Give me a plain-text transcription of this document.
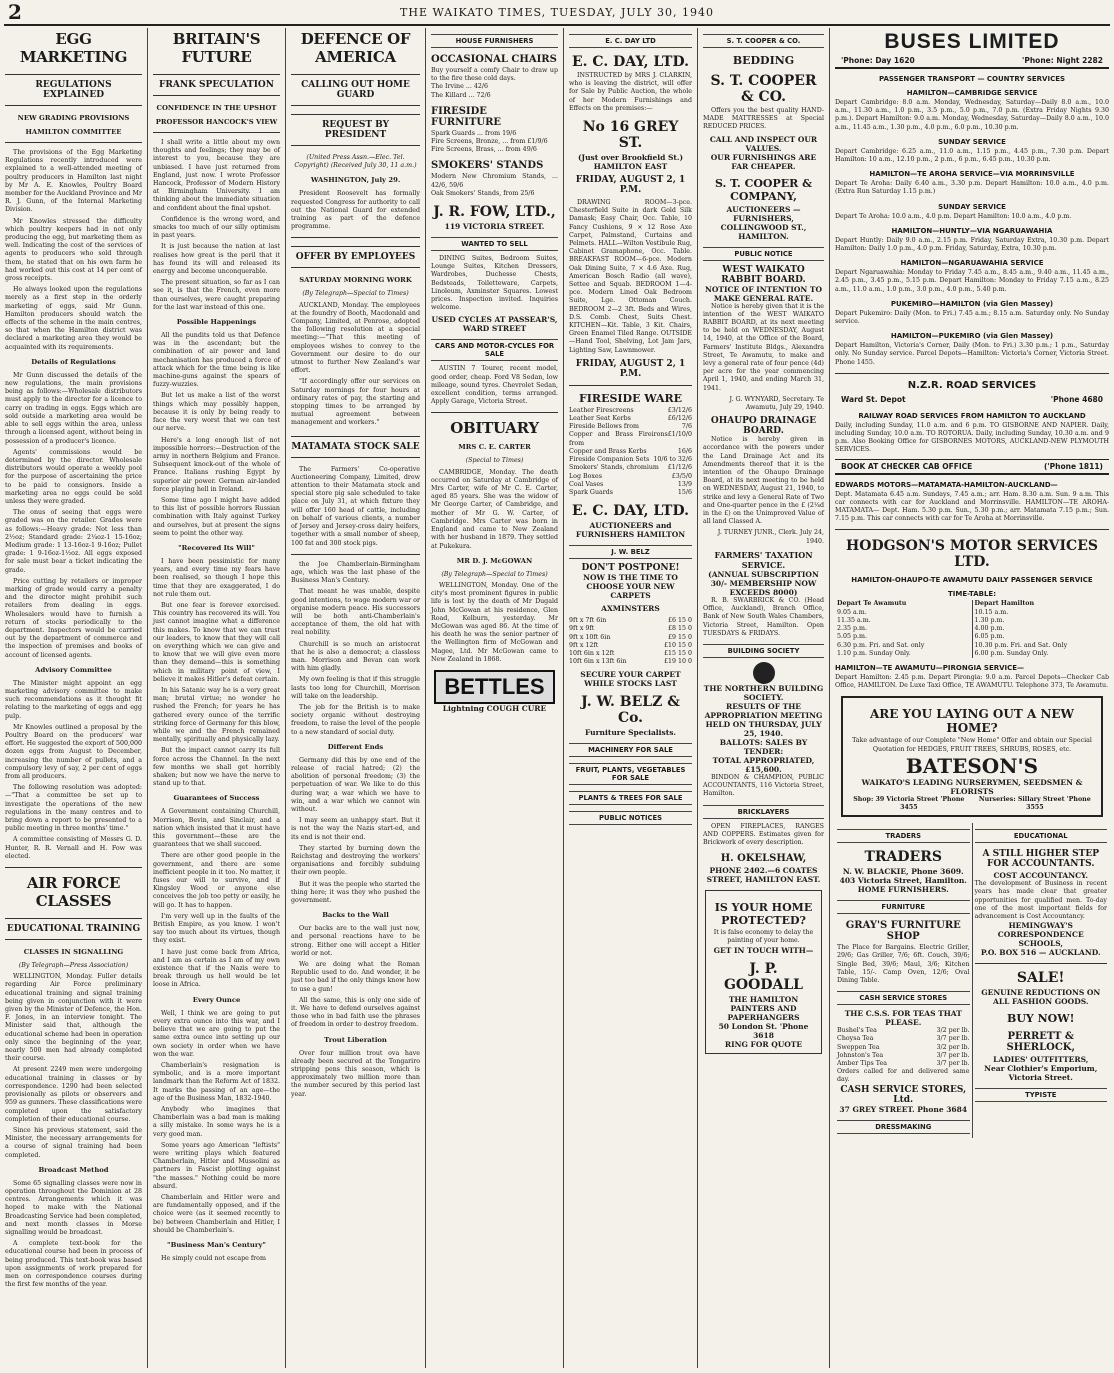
2	THE WAIKATO TIMES, TUESDAY, JULY 30, 1940
EGG MARKETING
REGULATIONS EXPLAINED
NEW GRADING PROVISIONS
HAMILTON COMMITTEE

The provisions of the Egg Marketing Regulations recently introduced were explained to a well-attended meeting of poultry producers in Hamilton last night by Mr A. E. Knowles, Poultry Board member for the Auckland Province and Mr R. J. Gunn, of the Internal Marketing Division.

Mr Knowles stressed the difficulty which poultry keepers had in not only producing the egg, but marketing them as well. Indicating the cost of the services of agents to producers who sold through them, he stated that on his own farm he had worked out this cost at 14 per cent of gross receipts.

He always looked upon the regulations merely as a first step in the orderly marketing of eggs, said Mr Gunn. Hamilton producers should watch the effects of the scheme in the main centres, so that when the Hamilton district was declared a marketing area they would be acquainted with its requirements.

Details of Regulations

Mr Gunn discussed the details of the new regulations, the main provisions being as follows:—Wholesale distributors must apply to the director for a licence to carry on trading in eggs. Eggs which are sold outside a marketing area would be able to sell eggs within the area, unless through a licensed agent, without being in possession of a producer's licence.

Agents' commissions would be determined by the director. Wholesale distributors would operate a weekly pool for the purpose of ascertaining the price to be paid to consignors. Inside a marketing area no eggs could be sold unless they were graded.

The onus of seeing that eggs were graded was on the retailer. Grades were as follows:—Heavy grade: Not less than 2½oz; Standard grade: 2¼oz-1 15-16oz; Medium grade: 1 13-16oz-1 9-16oz; Pullet grade: 1 9-16oz-1½oz. All eggs exposed for sale must bear a ticket indicating the grade.

Price cutting by retailers or improper marking of grade would carry a penalty and the director might prohibit such retailers from dealing in eggs. Wholesalers would have to furnish a return of stocks periodically to the department. Inspectors would be carried out by the department of commerce and the inspection of premises and books of account of licensed agents.

Advisory Committee

The Minister might appoint an egg marketing advisory committee to make such recommendations as it thought fit relating to the marketing of eggs and egg pulp.

Mr Knowles outlined a proposal by the Poultry Board on the producers' war effort. He suggested the export of 500,000 dozen eggs from August to December, increasing the number of pullets, and a compulsory levy of say, 2 per cent of eggs from all producers.

The following resolution was adopted:—"That a committee be set up to investigate the operations of the new regulations in the many centres and to bring down a report to be presented to a public meeting in three months' time."

A committee consisting of Messrs G. D. Hunter, R. R. Vernall and H. Fow was elected.

AIR FORCE CLASSES
EDUCATIONAL TRAINING
CLASSES IN SIGNALLING
(By Telegraph—Press Association)

WELLINGTON, Monday. Fuller details regarding Air Force preliminary educational training and signal training being given in conjunction with it were given by the Minister of Defence, the Hon. F. Jones, in an interview tonight. The Minister said that, although the educational scheme had been in operation only since the beginning of the year, nearly 500 men had already completed their course.

At present 2249 men were undergoing educational training in classes or by correspondence. 1290 had been selected provisionally as pilots or observers and 959 as gunners. These classifications were completed upon the satisfactory completion of their educational course.

Since his previous statement, said the Minister, the necessary arrangements for a course of signal training had been completed.

Broadcast Method

Some 65 signalling classes were now in operation throughout the Dominion at 28 centres. Arrangements which it was hoped to make with the National Broadcasting Service had been completed, and next month classes in Morse signalling would be broadcast.

A complete text-book for the educational course had been in process of being produced. This text-book was based upon assignments of work prepared for men on correspondence courses during the first few months of the year.

BRITAIN'S FUTURE
FRANK SPECULATION
CONFIDENCE IN THE UPSHOT
PROFESSOR HANCOCK'S VIEW

I shall write a little about my own thoughts and feelings; they may be of interest to you, because they are unbiased. I have just returned from England, just now. I wrote Professor Hancock, Professor of Modern History at Birmingham University. I am thinking about the immediate situation and confident about the final upshot.

Confidence is the wrong word, and smacks too much of our silly optimism in past years.

It is just because the nation at last realises how great is the peril that it has found its will and released its energy and become unconquerable.

The present situation, so far as I can see it, is that the French, even more than ourselves, were caught preparing for the last war instead of this one.

Possible Happenings

All the pundits told us that Defence was in the ascendant; but the combination of air power and land mechanisation has produced a force of attack which for the time being is like machine-guns against the spears of fuzzy-wuzzies.

But let us make a list of the worst things which may possibly happen, because it is only by being ready to face the very worst that we can test our nerve.

Here's a long enough list of not impossible horrors:—Destruction of the army in northern Belgium and France. Subsequent knock-out of the whole of France. Italians rushing Egypt by superior air power. German air-landed force playing hell in Ireland.

Some time ago I might have added to this list of possible horrors Russian combination with Italy against Turkey and ourselves, but at present the signs seem to point the other way.

"Recovered Its Will"

I have been pessimistic for many years, and every time my fears have been realised, so though I hope this time that they are exaggerated, I do not rule them out.

But one fear is forever exorcised. This country has recovered its will. You just cannot imagine what a difference this makes. To know that we can trust our leaders, to know that they will call on everything which we can give and to know that we will give even more than they demand—this is something which in military point of view, I believe it makes Hitler's defeat certain.

In his Satanic way he is a very great man; brutal virtue; no wonder he rushed the French; for years he has gathered every ounce of the terrific striking force of Germany for this blow, while we and the French remained mentally, spiritually and physically lazy.

But the impact cannot carry its full force across the Channel. In the next few months we shall get horribly shaken; but now we have the nerve to stand up to that.

Guarantees of Success

A Government containing Churchill, Morrison, Bevin, and Sinclair, and a nation which insisted that it must have this government—these are the guarantees that we shall succeed.

There are other good people in the government, and there are some inefficient people in it too. No matter, it fuses our will to survive, and if Kingsley Wood or anyone else conceives the job too petty or easily, he will go. It has to happen.

I'm very well up in the faults of the British Empire, as you know. I won't say too much about its virtues, though they exist.

I have just come back from Africa, and I am as certain as I am of my own existence that if the Nazis were to break through us hell would be let loose in Africa.

Every Ounce

Well, I think we are going to put every extra ounce into this war, and I believe that we are going to put the same extra ounce into setting up our own society in order when we have won the war.

Chamberlain's resignation is symbolic, and is a more important landmark than the Reform Act of 1832. It marks the passing of an age—the age of the Business Man, 1832-1940.

Anybody who imagines that Chamberlain was a bad man is making a silly mistake. In some ways he is a very good man.

Some years ago American "leftists" were writing plays which featured Chamberlain, Hitler and Mussolini as partners in Fascist plotting against "the masses." Nothing could be more absurd.

Chamberlain and Hitler were and are fundamentally opposed, and if the choice were (as it seemed recently to be) between Chamberlain and Hitler, I should be Chamberlain's.

"Business Man's Century"

He simply could not escape from

DEFENCE OF AMERICA
CALLING OUT HOME GUARD
REQUEST BY PRESIDENT
(United Press Assn.—Elec. Tel. Copyright) (Received July 30, 11 a.m.)
WASHINGTON, July 29.

President Roosevelt has formally requested Congress for authority to call out the National Guard for extended training as part of the defence programme.

OFFER BY EMPLOYEES
SATURDAY MORNING WORK
(By Telegraph—Special to Times)

AUCKLAND, Monday. The employees at the foundry of Booth, Macdonald and Company, Limited, at Penrose, adopted the following resolution at a special meeting:—"That this meeting of employees wishes to convey to the Government our desire to do our utmost to further New Zealand's war effort.

"If accordingly offer our services on Saturday mornings for four hours at ordinary rates of pay, the starting and stopping times to be arranged by mutual agreement between management and workers."

MATAMATA STOCK SALE

The Farmers' Co-operative Auctioneering Company, Limited, drew attention to their Matamata stock and special store pig sale scheduled to take place on July 31, at which fixture they will offer 160 head of cattle, including on behalf of various clients, a number of Jersey and Jersey-cross dairy heifers, together with a small number of sheep, 100 fat and 300 stock pigs.

the Joe Chamberlain-Birmingham age, which was the last phase of the Business Man's Century.

That meant he was unable, despite good intentions, to wage modern war or organise modern peace. His successors will be both anti-Chamberlain's acceptance of them, the old hat with real nobility.

Churchill is so much an aristocrat that he is also a democrat; a classless man. Morrison and Bevan can work with him gladly.

My own feeling is that if this struggle lasts too long for Churchill, Morrison will take on the leadership.

The job for the British is to make society organic without destroying freedom, to raise the level of the people to a new standard of social duty.

Different Ends

Germany did this by one end of the release of racial hatred; (2) the abolition of personal freedom; (3) the perpetuation of war. We like to do this during war, a war which we have to win, and a war which we cannot win without.

I may seem an unhappy start. But it is not the way the Nazis start-ed, and its end is not their end.

They started by burning down the Reichstag and destroying the workers' organisations and forcibly subduing their own people.

But it was the people who started the thing here; it was they who pushed the government.

Backs to the Wall

Our backs are to the wall just now, and personal reactions have to be strong. Either one will accept a Hitler world or not.

We are doing what the Roman Republic used to do. And wonder, it be just too bad if the only things know how to use a gun!

All the same, this is only one side of it. We have to defend ourselves against those who in bad faith use the phrases of freedom in order to destroy freedom.

Trout Liberation

Over four million trout ova have already been secured at the Tongariro stripping pens this season, which is approximately two million more than the number secured by this period last year.

HOUSE FURNISHERS
OCCASIONAL CHAIRS
Buy yourself a comfy Chair to draw up to the fire these cold days.
The Irvine ... 42/6
The Killard ... 72/6
FIRESIDE FURNITURE
Spark Guards ... from 19/6
Fire Screens, Bronze, ... from £1/9/6
Fire Screens, Brass, ... from 49/6
SMOKERS' STANDS
Modern New Chromium Stands, ... 42/6, 59/6
Oak Smokers' Stands, from 25/6
J. R. FOW, LTD.,
119 VICTORIA STREET.
WANTED TO SELL

DINING Suites, Bedroom Suites, Lounge Suites, Kitchen Dressers, Wardrobes, Duchesse Chests, Bedsteads, Toiletteware, Carpets, Linoleum, Axminster Squares. Lowest prices. Inspection invited. Inquiries welcome.

USED CYCLES AT PASSEAR'S, WARD STREET
CARS AND MOTOR-CYCLES FOR SALE

AUSTIN 7 Tourer, recent model, good order, cheap. Ford V8 Sedan, low mileage, sound tyres. Chevrolet Sedan, excellent condition, terms arranged. Apply Garage, Victoria Street.

OBITUARY
MRS C. E. CARTER
(Special to Times)

CAMBRIDGE, Monday. The death occurred on Saturday at Cambridge of Mrs Carter, wife of Mr C. E. Carter, aged 85 years. She was the widow of Mr George Carter, of Cambridge, and mother of Mr G. W. Carter, of Cambridge. Mrs Carter was born in England and came to New Zealand with her husband in 1879. They settled at Pukekura.

MR D. J. McGOWAN
(By Telegraph—Special to Times)

WELLINGTON, Monday. One of the city's most prominent figures in public life is lost by the death of Mr Dugald John McGowan at his residence, Glen Road, Kelburn, yesterday. Mr McGowan was aged 86. At the time of his death he was the senior partner of the Wellington firm of McGowan and Magee, Ltd. Mr McGowan came to New Zealand in 1868.

BETTLES
Lightning COUGH CURE
E. C. DAY LTD
E. C. DAY, LTD.

INSTRUCTED by MRS J. CLARKIN, who is leaving the district, will offer for Sale by Public Auction, the whole of her Modern Furnishings and Effects on the premises:—

No 16 GREY ST.
(Just over Brookfield St.) HAMILTON EAST
FRIDAY, AUGUST 2, 1 P.M.

DRAWING ROOM—3-pce. Chesterfield Suite in dark Gold Silk Damask; Easy Chair, Occ. Table, 10 Fancy Cushions, 9 × 12 Rose Axe Carpet, Palmstand, Curtains and Pelmets. HALL—Wilton Vestibule Rug, Cabinet Gramaphone, Occ. Table. BREAKFAST ROOM—6-pce. Modern Oak Dining Suite, 7 × 4.6 Axe. Rug, American Bosch Radio (all wave), Settee and Squab. BEDROOM 1—4-pce. Modern Lined Oak Bedroom Suite, Lge. Ottoman Couch. BEDROOM 2—2 3ft. Beds and Wires, D.S. Comb. Chest, Suits Chest. KITCHEN—Kit. Table, 3 Kit. Chairs, Green Enamel Tiled Range. OUTSIDE—Hand Tool, Shelving, Lot Jam Jars, Lighting Saw, Lawnmower.

FRIDAY, AUGUST 2, 1 P.M.
FIRESIDE WARE
Leather Firescreens	£3/12/6
Leather Seat Kerbs	£6/12/6
Fireside Bellows from	7/6
Copper and Brass Fireirons from
£1/10/0
Copper and Brass Kerbs	16/6
Fireside Companion Sets 10/6 to 32/6
Smokers' Stands, chromium £1/12/6
Log Boxes	£3/5/0
Coal Vases	13/9
Spark Guards	15/6
E. C. DAY, LTD.
AUCTIONEERS and FURNISHERS HAMILTON
J. W. BELZ
DON'T POSTPONE!
NOW IS THE TIME TO CHOOSE YOUR NEW CARPETS
AXMINSTERS
9ft x 7ft 6in	£6 15 0
9ft x 9ft	£8 15 0
9ft x 10ft 6in	£9 15 0
9ft x 12ft	£10 15 0
10ft 6in x 12ft	£15 15 0
10ft 6in x 13ft 6in	£19 10 0
SECURE YOUR CARPET WHILE STOCKS LAST
J. W. BELZ & Co.
Furniture Specialists.
MACHINERY FOR SALE
FRUIT, PLANTS, VEGETABLES FOR SALE
PLANTS & TREES FOR SALE
PUBLIC NOTICES
S. T. COOPER & CO.
BEDDING
S. T. COOPER & CO.

Offers you the best quality HAND-MADE MATTRESSES at Special REDUCED PRICES.

CALL AND INSPECT OUR VALUES.
OUR FURNISHINGS ARE FAR CHEAPER.
S. T. COOPER & COMPANY,
AUCTIONEERS — FURNISHERS, COLLINGWOOD ST., HAMILTON.
PUBLIC NOTICE
WEST WAIKATO RABBIT BOARD.
NOTICE OF INTENTION TO MAKE GENERAL RATE.

Notice is hereby given that it is the intention of the WEST WAIKATO RABBIT BOARD, at its next meeting to be held on WEDNESDAY, August 14, 1940, at the Office of the Board, Farmers' Institute Bldgs., Alexandra Street, Te Awamutu, to make and levy a general rate of four pence (4d) per acre for the year commencing April 1, 1940, and ending March 31, 1941.

J. G. WYNYARD, Secretary. Te Awamutu, July 29, 1940.
OHAUPO DRAINAGE BOARD.

Notice is hereby given in accordance with the powers under the Land Drainage Act and its Amendments thereof that it is the intention of the Ohaupo Drainage Board, at its next meeting to be held on WEDNESDAY, August 21, 1940, to strike and levy a General Rate of Two and One-quarter pence in the £ (2¼d in the £) on the Unimproved Value of all land Classed A.

J. TURNEY JUNR., Clerk. July 24, 1940.
FARMERS' TAXATION SERVICE.
(ANNUAL SUBSCRIPTION 30/- MEMBERSHIP NOW EXCEEDS 8000)

R. B. SWARBRICK & CO. (Head Office, Auckland), Branch Office, Bank of New South Wales Chambers, Victoria Street, Hamilton. Open TUESDAYS & FRIDAYS.

BUILDING SOCIETY
THE NORTHERN BUILDING SOCIETY.
RESULTS OF THE APPROPRIATION MEETING HELD ON THURSDAY, JULY 25, 1940.
BALLOTS: SALES BY TENDER:
TOTAL APPROPRIATED, £15,600.

BINDON & CHAMPION, PUBLIC ACCOUNTANTS, 116 Victoria Street, Hamilton.

BRICKLAYERS

OPEN FIREPLACES, RANGES AND COPPERS. Estimates given for Brickwork of every description.

H. OKELSHAW,
PHONE 2402.—6 COATES STREET, HAMILTON EAST.
IS YOUR HOME PROTECTED?
It is false economy to delay the painting of your home.
GET IN TOUCH WITH—
J. P. GOODALL
THE HAMILTON PAINTERS AND PAPERHANGERS
50 London St. 'Phone 3618
RING FOR QUOTE
BUSES LIMITED
'Phone: Day 1620	'Phone: Night 2282
PASSENGER TRANSPORT — COUNTRY SERVICES
HAMILTON—CAMBRIDGE SERVICE
Depart Cambridge: 8.0 a.m. Monday, Wednesday, Saturday—Daily 8.0 a.m., 10.0 a.m., 11.30 a.m., 1.0 p.m., 3.5 p.m., 5.0 p.m., 7.0 p.m. (Extra Friday Nights 9.30 p.m.). Depart Hamilton: 9.0 a.m. Monday, Wednesday, Saturday—Daily 8.0 a.m., 10.0 a.m., 11.45 a.m., 1.30 p.m., 4.0 p.m., 6.0 p.m., 10.30 p.m.
SUNDAY SERVICE
Depart Cambridge: 6.25 a.m., 11.0 a.m., 1.15 p.m., 4.45 p.m., 7.30 p.m. Depart Hamilton: 10 a.m., 12.10 p.m., 2 p.m., 6 p.m., 6.45 p.m., 10.30 p.m.
HAMILTON—TE AROHA SERVICE—VIA MORRINSVILLE
Depart Te Aroha: Daily 6.40 a.m., 3.30 p.m. Depart Hamilton: 10.0 a.m., 4.0 p.m. (Extra Run Saturday 1.15 p.m.)
SUNDAY SERVICE
Depart Te Aroha: 10.0 a.m., 4.0 p.m. Depart Hamilton: 10.0 a.m., 4.0 p.m.
HAMILTON—HUNTLY—VIA NGARUAWAHIA
Depart Huntly: Daily 9.0 a.m., 2.15 p.m. Friday, Saturday Extra, 10.30 p.m. Depart Hamilton: Daily 1.0 p.m., 4.0 p.m. Friday, Saturday, Extra, 10.30 p.m.
HAMILTON—NGARUAWAHIA SERVICE
Depart Ngaruawahia: Monday to Friday 7.45 a.m., 8.45 a.m., 9.40 a.m., 11.45 a.m., 2.45 p.m., 3.45 p.m., 5.15 p.m. Depart Hamilton: Monday to Friday 7.15 a.m., 8.25 a.m., 11.0 a.m., 1.0 p.m., 3.0 p.m., 4.0 p.m., 5.40 p.m.
PUKEMIRO—HAMILTON (via Glen Massey)
Depart Pukemiro: Daily (Mon. to Fri.) 7.45 a.m.; 8.15 a.m. Saturday only. No Sunday service.
HAMILTON—PUKEMIRO (via Glen Massey)
Depart Hamilton, Victoria's Corner, Daily (Mon. to Fri.) 3.30 p.m.; 1 p.m., Saturday only. No Sunday service. Parcel Depots—Hamilton: Victoria's Corner, Victoria Street. Phone 1455.
N.Z.R. ROAD SERVICES
Ward St. Depot	'Phone 4680
RAILWAY ROAD SERVICES FROM HAMILTON TO AUCKLAND
Daily, including Sunday, 11.0 a.m. and 6 p.m. TO GISBORNE AND NAPIER. Daily, including Sunday, 10.0 a.m. TO ROTORUA. Daily, including Sunday, 10.30 a.m. and 9 p.m. Also Booking Office for GISBORNES MOTORS, AUCKLAND-NEW PLYMOUTH SERVICES.
BOOK AT CHECKER CAB OFFICE	('Phone 1811)
EDWARDS MOTORS—MATAMATA-HAMILTON-AUCKLAND—
Dept. Matamata 6.45 a.m. Sundays, 7.45 a.m.; arr. Ham. 8.30 a.m. Sun. 9 a.m. This car connects with car for Auckland and Morrinsville. HAMILTON—TE AROHA-MATAMATA— Dept. Ham. 5.30 p.m. Sun., 5.30 p.m.; arr. Matamata 7.15 p.m.; Sun. 7.15 p.m. This car connects with car for Te Aroha at Morrinsville.
HODGSON'S MOTOR SERVICES LTD.
HAMILTON-OHAUPO-TE AWAMUTU DAILY PASSENGER SERVICE
TIME-TABLE:
Depart Te Awamutu
9.05 a.m.
11.35 a.m.
2.35 p.m.
5.05 p.m.
6.30 p.m. Fri. and Sat. only
1.10 p.m. Sunday Only.
Depart Hamilton
10.15 a.m.
1.30 p.m.
4.00 p.m.
6.05 p.m.
10.30 p.m. Fri. and Sat. Only
6.00 p.m. Sunday Only.
HAMILTON—TE AWAMUTU—PIRONGIA SERVICE—
Depart Hamilton: 2.45 p.m. Depart Pirongia: 9.0 a.m. Parcel Depots—Checker Cab Office, HAMILTON. De Luxe Taxi Office, TE AWAMUTU. Telephone 373, Te Awamutu.
ARE YOU LAYING OUT A NEW HOME?
Take advantage of our Complete "New Home" Offer and obtain our Special Quotation for HEDGES, FRUIT TREES, SHRUBS, ROSES, etc.
BATESON'S
WAIKATO'S LEADING NURSERYMEN, SEEDSMEN & FLORISTS
Shop: 39 Victoria Street 'Phone 3455
Nurseries: Sillary Street 'Phone 3555
TRADERS
TRADERS
N. W. BLACKIE, Phone 3609.
403 Victoria Street, Hamilton.
HOME FURNISHERS.
FURNITURE
GRAY'S FURNITURE SHOP
The Place for Bargains. Electric Griller, 29/6; Gas Griller, 7/6; 6ft. Couch, 39/6; Single Bed, 39/6; Maul, 3/6; Kitchen Table, 15/-. Camp Oven, 12/6; Oval Dining Table.
CASH SERVICE STORES
THE C.S.S. FOR TEAS THAT PLEASE.
Bushel's Tea	3/2 per lb.
Choysa Tea	3/7 per lb.
Sweppen Tea	3/2 per lb.
Johnston's Tea	3/7 per lb.
Amber Tips Tea	3/7 per lb.
Orders called for and delivered same day.
CASH SERVICE STORES, Ltd.
37 GREY STREET. Phone 3684
DRESSMAKING
EDUCATIONAL
A STILL HIGHER STEP FOR ACCOUNTANTS.
COST ACCOUNTANCY.
The development of Business in recent years has made clear that greater opportunities for qualified men. To-day one of the most important fields for advancement is Cost Accountancy.
HEMINGWAY'S CORRESPONDENCE SCHOOLS,
P.O. BOX 516 — AUCKLAND.
SALE!
GENUINE REDUCTIONS ON ALL FASHION GOODS.
BUY NOW!
PERRETT & SHERLOCK,
LADIES' OUTFITTERS,
Near Clothier's Emporium, Victoria Street.
TYPISTE
